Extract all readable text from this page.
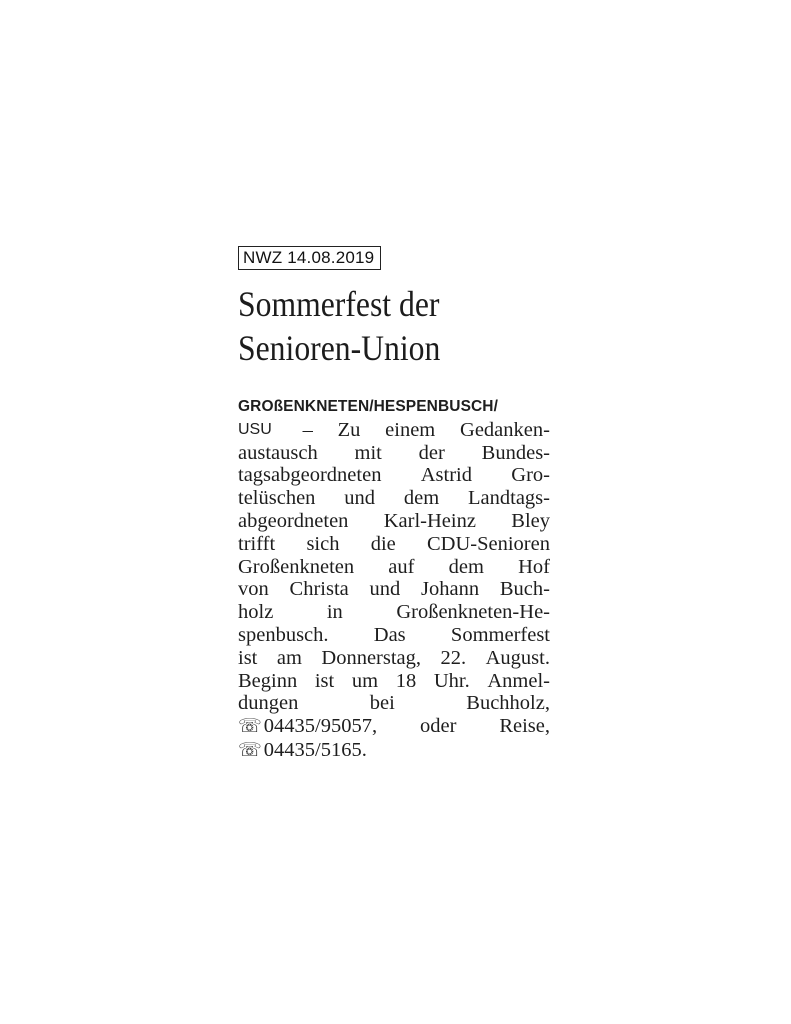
NWZ 14.08.2019
Sommerfest der
Senioren-Union
GROßENKNETEN/HESPENBUSCH/
USU – Zu einem Gedanken-
austausch mit der Bundes-
tagsabgeordneten Astrid Gro-
telüschen und dem Landtags-
abgeordneten Karl-Heinz Bley
trifft sich die CDU-Senioren
Großenkneten auf dem Hof
von Christa und Johann Buch-
holz	in	Großenkneten-He-
spenbusch. Das Sommerfest
ist am Donnerstag, 22. August.
Beginn ist um 18 Uhr. Anmel-
dungen	bei	Buchholz,
☏04435/95057, oder Reise,
☏04435/5165.
